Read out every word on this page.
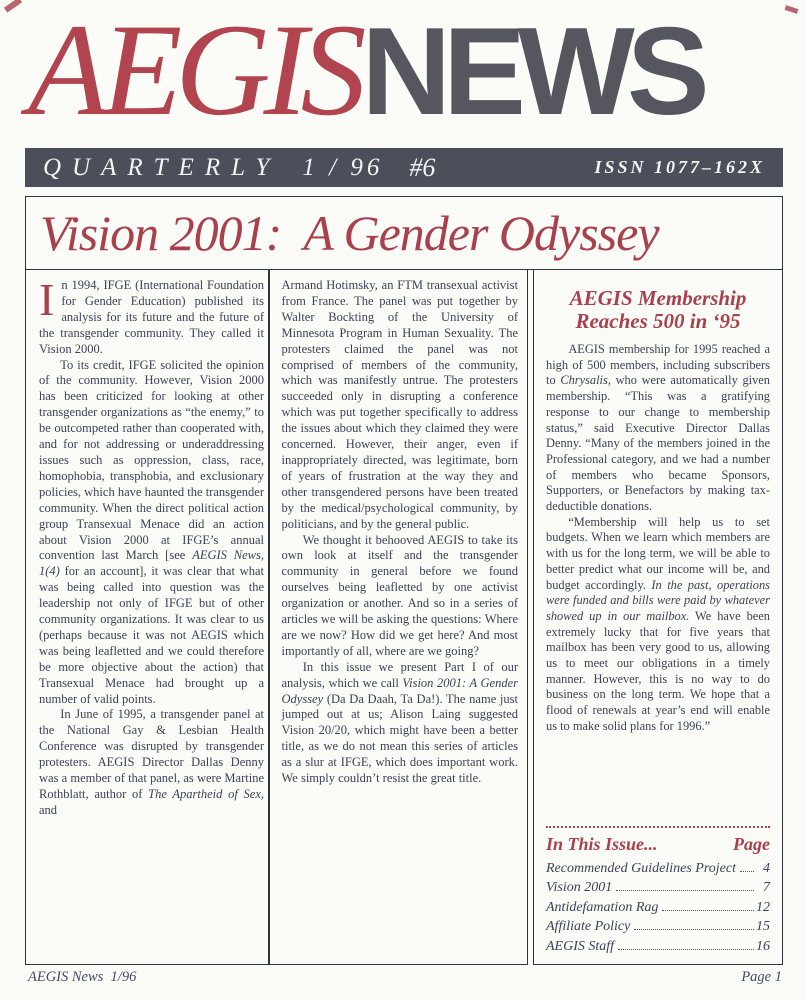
AEGIS NEWS
QUARTERLY 1 / 96 #6	ISSN 1077–162X
Vision 2001:  A Gender Odyssey

In 1994, IFGE (International Foundation for Gender Education) published its analysis for its future and the future of the transgender community. They called it Vision 2000.

To its credit, IFGE solicited the opinion of the community. However, Vision 2000 has been criticized for looking at other transgender organizations as “the enemy,” to be outcompeted rather than cooperated with, and for not addressing or underaddressing issues such as oppression, class, race, homophobia, transphobia, and exclusionary policies, which have haunted the transgender community. When the direct political action group Transexual Menace did an action about Vision 2000 at IFGE’s annual convention last March [see AEGIS News, 1(4) for an account], it was clear that what was being called into question was the leadership not only of IFGE but of other community organizations. It was clear to us (perhaps because it was not AEGIS which was being leafletted and we could therefore be more objective about the action) that Transexual Menace had brought up a number of valid points.

In June of 1995, a transgender panel at the National Gay & Lesbian Health Conference was disrupted by transgender protesters. AEGIS Director Dallas Denny was a member of that panel, as were Martine Rothblatt, author of The Apartheid of Sex, and

Armand Hotimsky, an FTM transexual activist from France. The panel was put together by Walter Bockting of the University of Minnesota Program in Human Sexuality. The protesters claimed the panel was not comprised of members of the community, which was manifestly untrue. The protesters succeeded only in disrupting a conference which was put together specifically to address the issues about which they claimed they were concerned. However, their anger, even if inappropriately directed, was legitimate, born of years of frustration at the way they and other transgendered persons have been treated by the medical/psychological community, by politicians, and by the general public.

We thought it behooved AEGIS to take its own look at itself and the transgender community in general before we found ourselves being leafletted by one activist organization or another. And so in a series of articles we will be asking the questions: Where are we now? How did we get here? And most importantly of all, where are we going?

In this issue we present Part I of our analysis, which we call Vision 2001: A Gender Odyssey (Da Da Daah, Ta Da!). The name just jumped out at us; Alison Laing suggested Vision 20/20, which might have been a better title, as we do not mean this series of articles as a slur at IFGE, which does important work. We simply couldn’t resist the great title.

AEGIS Membership
Reaches 500 in ‘95

AEGIS membership for 1995 reached a high of 500 members, including subscribers to Chrysalis, who were automatically given membership. “This was a gratifying response to our change to membership status,” said Executive Director Dallas Denny. “Many of the members joined in the Professional category, and we had a number of members who became Sponsors, Supporters, or Benefactors by making tax-deductible donations.

“Membership will help us to set budgets. When we learn which members are with us for the long term, we will be able to better predict what our income will be, and budget accordingly. In the past, operations were funded and bills were paid by whatever showed up in our mailbox. We have been extremely lucky that for five years that mailbox has been very good to us, allowing us to meet our obligations in a timely manner. However, this is no way to do business on the long term. We hope that a flood of renewals at year’s end will enable us to make solid plans for 1996.”

In This Issue...	Page
Recommended Guidelines Project	4
Vision 2001	7
Antidefamation Rag	12
Affiliate Policy	15
AEGIS Staff	16
AEGIS News  1/96	Page 1
